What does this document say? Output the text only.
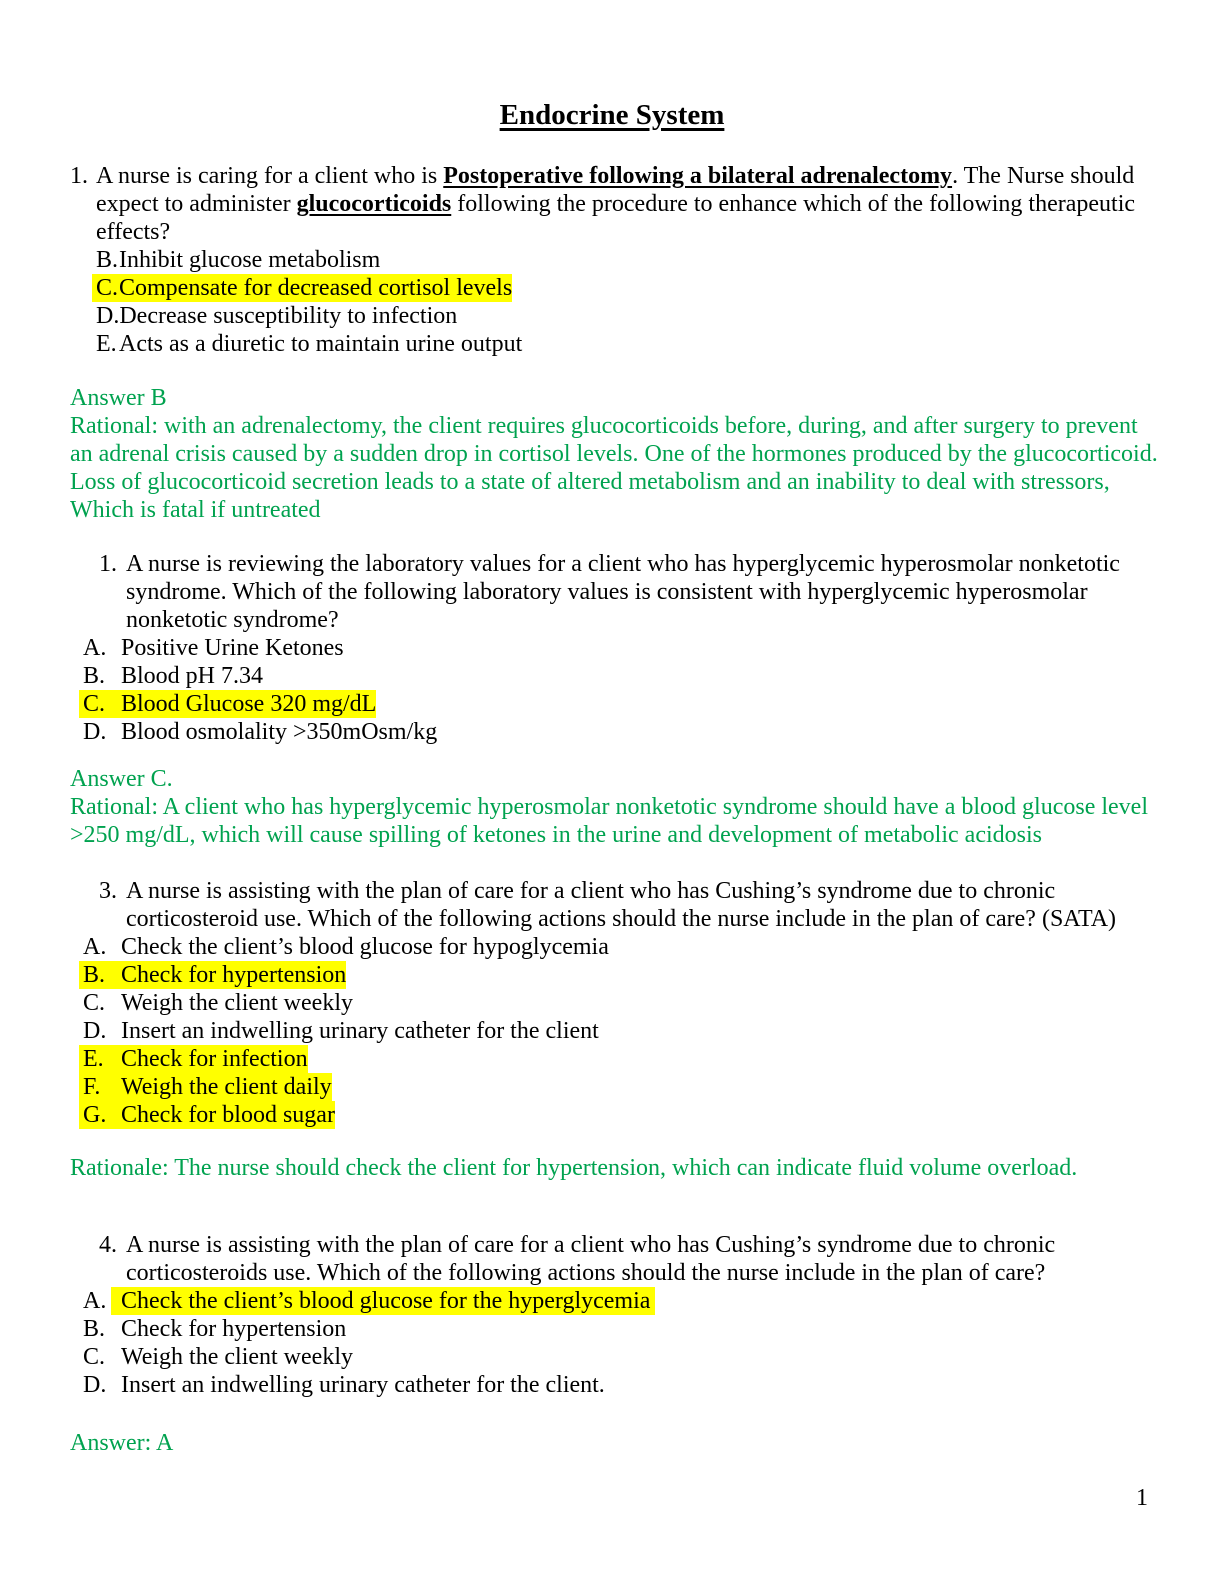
Endocrine System
1. A nurse is caring for a client who is Postoperative following a bilateral adrenalectomy. The Nurse should expect to administer glucocorticoids following the procedure to enhance which of the following therapeutic effects?
B. Inhibit glucose metabolism
C. Compensate for decreased cortisol levels
D. Decrease susceptibility to infection
E. Acts as a diuretic to maintain urine output
Answer B
Rational: with an adrenalectomy, the client requires glucocorticoids before, during, and after surgery to prevent an adrenal crisis caused by a sudden drop in cortisol levels. One of the hormones produced by the glucocorticoid. Loss of glucocorticoid secretion leads to a state of altered metabolism and an inability to deal with stressors, Which is fatal if untreated
1. A nurse is reviewing the laboratory values for a client who has hyperglycemic hyperosmolar nonketotic syndrome. Which of the following laboratory values is consistent with hyperglycemic hyperosmolar nonketotic syndrome?
A. Positive Urine Ketones
B. Blood pH 7.34
C. Blood Glucose 320 mg/dL
D. Blood osmolality >350mOsm/kg
Answer C.
Rational: A client who has hyperglycemic hyperosmolar nonketotic syndrome should have a blood glucose level >250 mg/dL, which will cause spilling of ketones in the urine and development of metabolic acidosis
3. A nurse is assisting with the plan of care for a client who has Cushing’s syndrome due to chronic corticosteroid use. Which of the following actions should the nurse include in the plan of care? (SATA)
A. Check the client’s blood glucose for hypoglycemia
B. Check for hypertension
C. Weigh the client weekly
D. Insert an indwelling urinary catheter for the client
E. Check for infection
F. Weigh the client daily
G. Check for blood sugar
Rationale: The nurse should check the client for hypertension, which can indicate fluid volume overload.
4. A nurse is assisting with the plan of care for a client who has Cushing’s syndrome due to chronic corticosteroids use. Which of the following actions should the nurse include in the plan of care?
A. Check the client’s blood glucose for the hyperglycemia
B. Check for hypertension
C. Weigh the client weekly
D. Insert an indwelling urinary catheter for the client.
Answer: A
1
